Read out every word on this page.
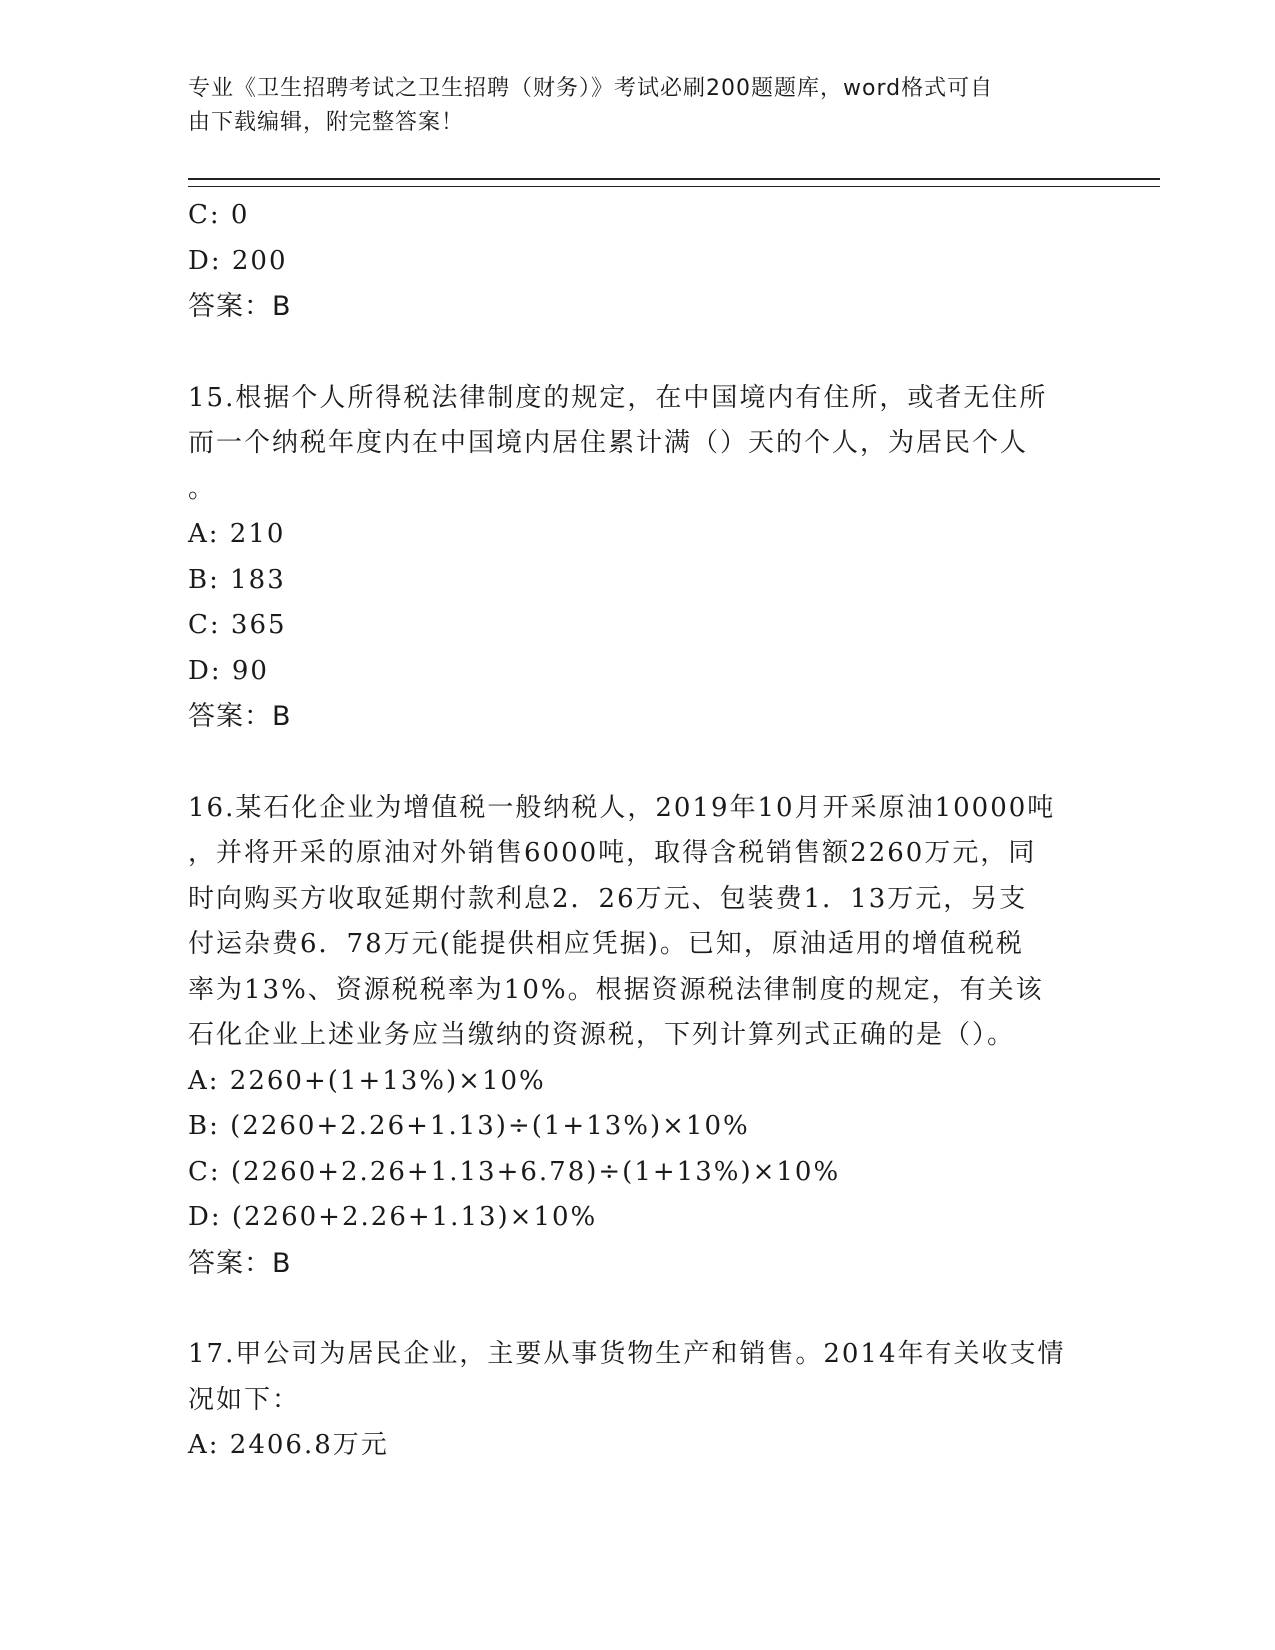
专业《卫生招聘考试之卫生招聘（财务）》考试必刷200题题库，word格式可自
由下载编辑，附完整答案！
C: 0
D: 200
答案：B
15.根据个人所得税法律制度的规定，在中国境内有住所，或者无住所
而一个纳税年度内在中国境内居住累计满（）天的个人，为居民个人
。
A: 210
B: 183
C: 365
D: 90
答案：B
16.某石化企业为增值税一般纳税人，2019年10月开采原油10000吨
，并将开采的原油对外销售6000吨，取得含税销售额2260万元，同
时向购买方收取延期付款利息2．26万元、包装费1．13万元，另支
付运杂费6．78万元(能提供相应凭据)。已知，原油适用的增值税税
率为13%、资源税税率为10%。根据资源税法律制度的规定，有关该
石化企业上述业务应当缴纳的资源税，下列计算列式正确的是（）。
A: 2260+(1+13%)×10%
B: (2260+2.26+1.13)÷(1+13%)×10%
C: (2260+2.26+1.13+6.78)÷(1+13%)×10%
D: (2260+2.26+1.13)×10%
答案：B
17.甲公司为居民企业，主要从事货物生产和销售。2014年有关收支情
况如下：
A: 2406.8万元
